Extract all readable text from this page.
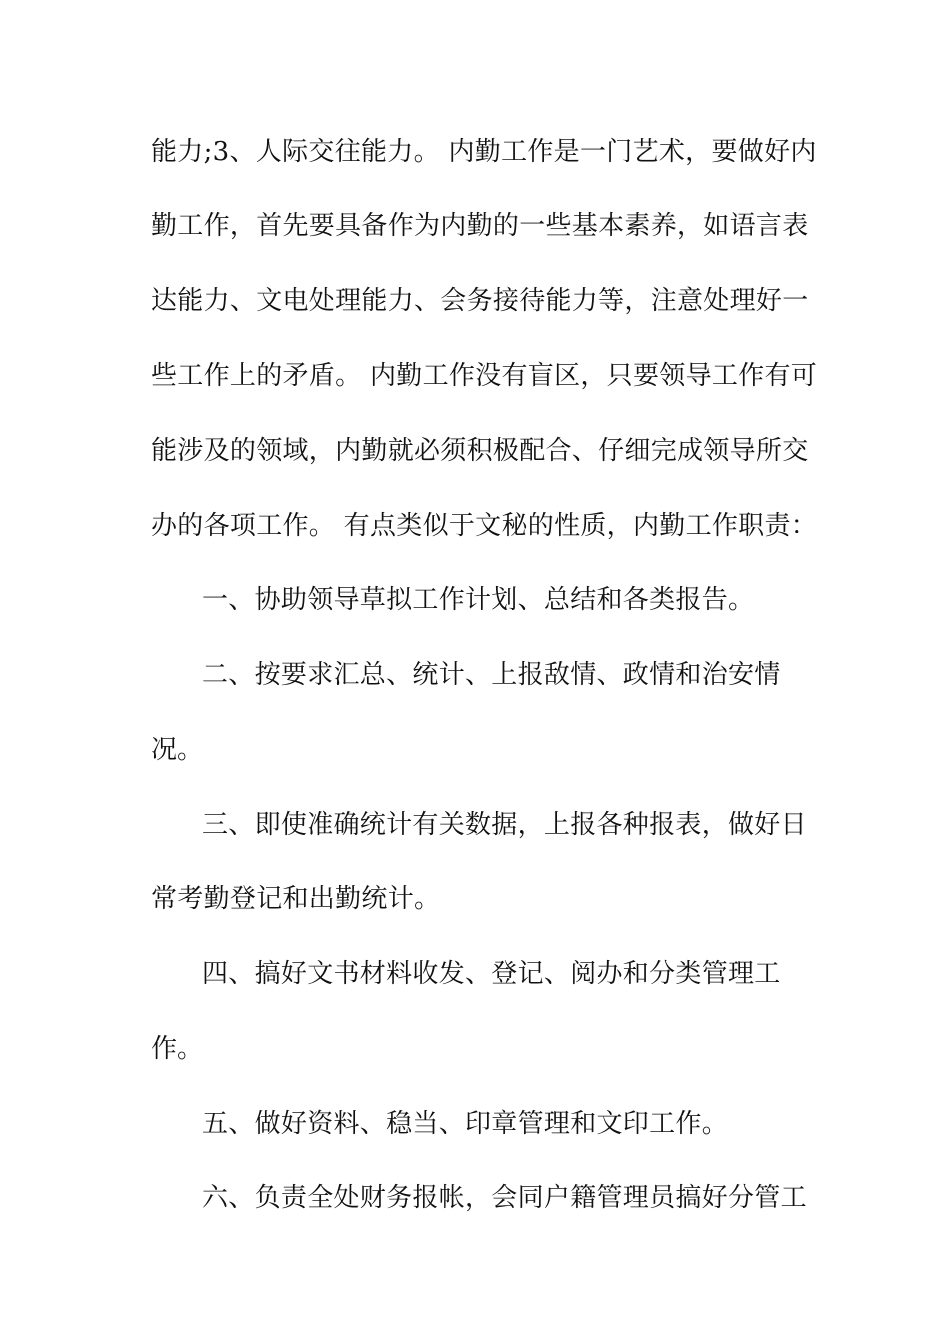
能力;3、人际交往能力。 内勤工作是一门艺术，要做好内
勤工作，首先要具备作为内勤的一些基本素养，如语言表
达能力、文电处理能力、会务接待能力等，注意处理好一
些工作上的矛盾。 内勤工作没有盲区，只要领导工作有可
能涉及的领域，内勤就必须积极配合、仔细完成领导所交
办的各项工作。 有点类似于文秘的性质，内勤工作职责：
一、协助领导草拟工作计划、总结和各类报告。
二、按要求汇总、统计、上报敌情、政情和治安情
况。
三、即使准确统计有关数据，上报各种报表，做好日
常考勤登记和出勤统计。
四、搞好文书材料收发、登记、阅办和分类管理工
作。
五、做好资料、稳当、印章管理和文印工作。
六、负责全处财务报帐，会同户籍管理员搞好分管工
